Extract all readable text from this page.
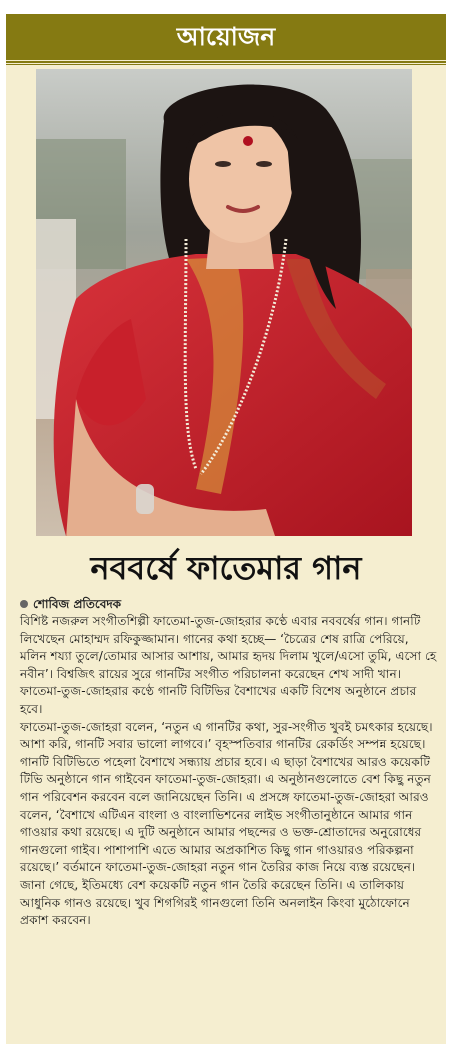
আয়োজন
নববর্ষে ফাতেমার গান
শোবিজ প্রতিবেদক

বিশিষ্ট নজরুল সংগীতশিল্পী ফাতেমা-তুজ-জোহরার কণ্ঠে এবার নববর্ষের গান। গানটি লিখেছেন মোহাম্মদ রফিকুজ্জামান। গানের কথা হচ্ছে— ‘চৈত্রের শেষ রাত্রি পেরিয়ে, মলিন শয্যা তুলে/তোমার আসার আশায়, আমার হৃদয় দিলাম খুলে/এসো তুমি, এসো হে নবীন’। বিশ্বজিৎ রায়ের সুরে গানটির সংগীত পরিচালনা করেছেন শেখ সাদী খান। ফাতেমা-তুজ-জোহরার কণ্ঠে গানটি বিটিভির বৈশাখের একটি বিশেষ অনুষ্ঠানে প্রচার হবে।

ফাতেমা-তুজ-জোহরা বলেন, ‘নতুন এ গানটির কথা, সুর-সংগীত খুবই চমৎকার হয়েছে। আশা করি, গানটি সবার ভালো লাগবে।’ বৃহস্পতিবার গানটির রেকর্ডিং সম্পন্ন হয়েছে। গানটি বিটিভিতে পহেলা বৈশাখে সন্ধ্যায় প্রচার হবে। এ ছাড়া বৈশাখের আরও কয়েকটি টিভি অনুষ্ঠানে গান গাইবেন ফাতেমা-তুজ-জোহরা। এ অনুষ্ঠানগুলোতে বেশ কিছু নতুন গান পরিবেশন করবেন বলে জানিয়েছেন তিনি। এ প্রসঙ্গে ফাতেমা-তুজ-জোহরা আরও বলেন, ‘বৈশাখে এটিএন বাংলা ও বাংলাভিশনের লাইভ সংগীতানুষ্ঠানে আমার গান গাওয়ার কথা রয়েছে। এ দুটি অনুষ্ঠানে আমার পছন্দের ও ভক্ত-শ্রোতাদের অনুরোধের গানগুলো গাইব। পাশাপাশি এতে আমার অপ্রকাশিত কিছু গান গাওয়ারও পরিকল্পনা রয়েছে।’ বর্তমানে ফাতেমা-তুজ-জোহরা নতুন গান তৈরির কাজ নিয়ে ব্যস্ত রয়েছেন। জানা গেছে, ইতিমধ্যে বেশ কয়েকটি নতুন গান তৈরি করেছেন তিনি। এ তালিকায় আধুনিক গানও রয়েছে। খুব শিগগিরই গানগুলো তিনি অনলাইন কিংবা মুঠোফোনে প্রকাশ করবেন।
